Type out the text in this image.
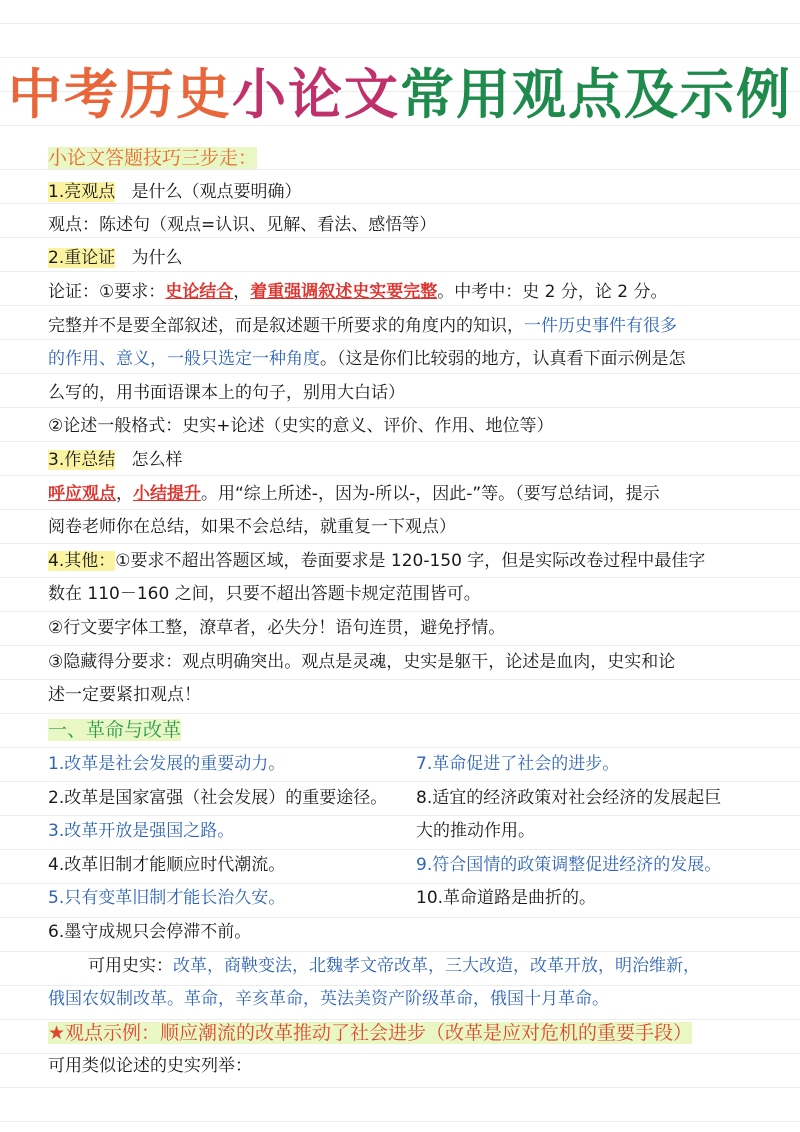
中考历史小论文常用观点及示例
小论文答题技巧三步走：
1.亮观点 是什么（观点要明确）
观点：陈述句（观点=认识、见解、看法、感悟等）
2.重论证 为什么
论证：①要求：史论结合，着重强调叙述史实要完整。中考中：史 2 分，论 2 分。
完整并不是要全部叙述，而是叙述题干所要求的角度内的知识，一件历史事件有很多
的作用、意义，一般只选定一种角度。（这是你们比较弱的地方，认真看下面示例是怎
么写的，用书面语课本上的句子，别用大白话）
②论述一般格式：史实+论述（史实的意义、评价、作用、地位等）
3.作总结 怎么样
呼应观点，小结提升。用“综上所述-，因为-所以-，因此-”等。（要写总结词，提示
阅卷老师你在总结，如果不会总结，就重复一下观点）
4.其他：①要求不超出答题区域，卷面要求是 120-150 字，但是实际改卷过程中最佳字
数在 110－160 之间，只要不超出答题卡规定范围皆可。
②行文要字体工整，潦草者，必失分！语句连贯，避免抒情。
③隐藏得分要求：观点明确突出。观点是灵魂，史实是躯干，论述是血肉，史实和论
述一定要紧扣观点！
一、革命与改革
1.改革是社会发展的重要动力。
2.改革是国家富强（社会发展）的重要途径。
3.改革开放是强国之路。
4.改革旧制才能顺应时代潮流。
5.只有变革旧制才能长治久安。
6.墨守成规只会停滞不前。
7.革命促进了社会的进步。
8.适宜的经济政策对社会经济的发展起巨
大的推动作用。
9.符合国情的政策调整促进经济的发展。
10.革命道路是曲折的。
可用史实：改革，商鞅变法，北魏孝文帝改革，三大改造，改革开放，明治维新，
俄国农奴制改革。革命，辛亥革命，英法美资产阶级革命，俄国十月革命。
★观点示例：顺应潮流的改革推动了社会进步（改革是应对危机的重要手段）
可用类似论述的史实列举：
